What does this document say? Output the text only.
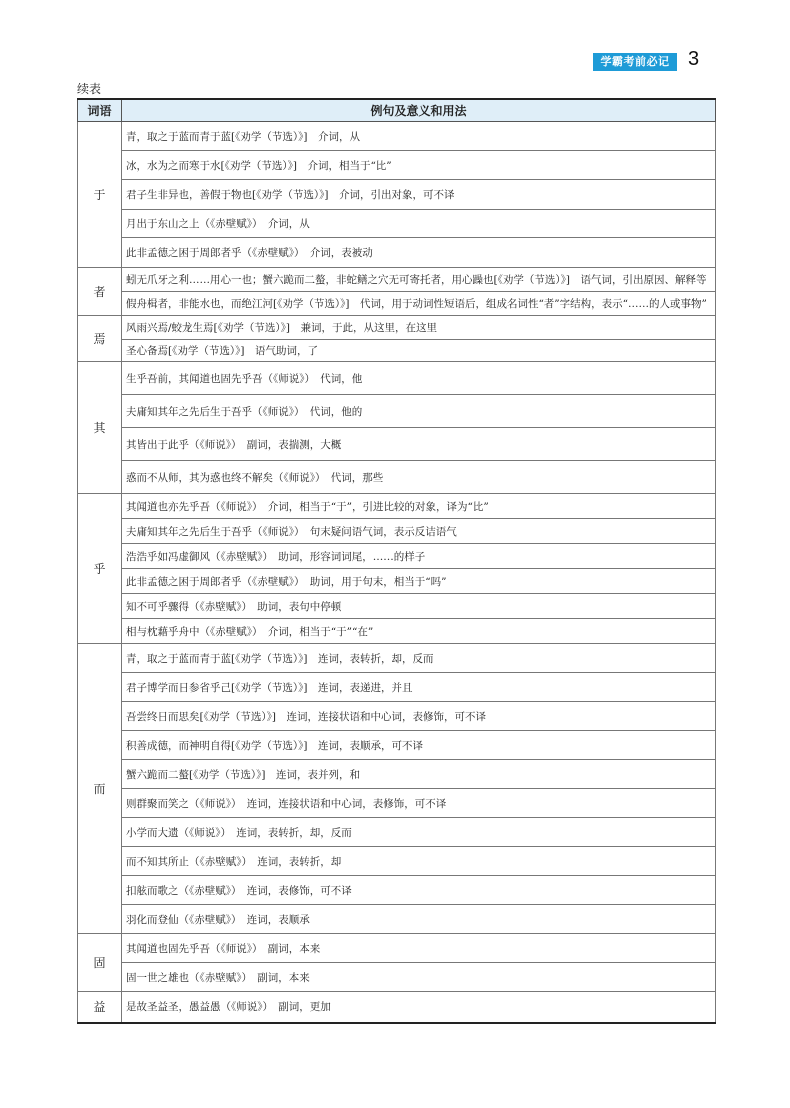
学霸考前必记 3
续表
词语	例句及意义和用法
于	青，取之于蓝而青于蓝[《劝学（节选）》]　介词，从
	冰，水为之而寒于水[《劝学（节选）》]　介词，相当于“比”
	君子生非异也，善假于物也[《劝学（节选）》]　介词，引出对象，可不译
	月出于东山之上（《赤壁赋》）　介词，从
	此非孟德之困于周郎者乎（《赤壁赋》）　介词，表被动
者	蚓无爪牙之利……用心一也；蟹六跪而二螯，非蛇鳝之穴无可寄托者，用心躁也[《劝学（节选）》]　语气词，引出原因、解释等
	假舟楫者，非能水也，而绝江河[《劝学（节选）》]　代词，用于动词性短语后，组成名词性“者”字结构，表示“……的人或事物”
焉	风雨兴焉/蛟龙生焉[《劝学（节选）》]　兼词，于此，从这里，在这里
	圣心备焉[《劝学（节选）》]　语气助词，了
其	生乎吾前，其闻道也固先乎吾（《师说》）　代词，他
	夫庸知其年之先后生于吾乎（《师说》）　代词，他的
	其皆出于此乎（《师说》）　副词，表揣测，大概
	惑而不从师，其为惑也终不解矣（《师说》）　代词，那些
乎	其闻道也亦先乎吾（《师说》）　介词，相当于“于”，引进比较的对象，译为“比”
	夫庸知其年之先后生于吾乎（《师说》）　句末疑问语气词，表示反诘语气
	浩浩乎如冯虚御风（《赤壁赋》）　助词，形容词词尾，……的样子
	此非孟德之困于周郎者乎（《赤壁赋》）　助词，用于句末，相当于“吗”
	知不可乎骤得（《赤壁赋》）　助词，表句中停顿
	相与枕藉乎舟中（《赤壁赋》）　介词，相当于“于”“在”
而	青，取之于蓝而青于蓝[《劝学（节选）》]　连词，表转折，却，反而
	君子博学而日参省乎己[《劝学（节选）》]　连词，表递进，并且
	吾尝终日而思矣[《劝学（节选）》]　连词，连接状语和中心词，表修饰，可不译
	积善成德，而神明自得[《劝学（节选）》]　连词，表顺承，可不译
	蟹六跪而二螯[《劝学（节选）》]　连词，表并列，和
	则群聚而笑之（《师说》）　连词，连接状语和中心词，表修饰，可不译
	小学而大遗（《师说》）　连词，表转折，却，反而
	而不知其所止（《赤壁赋》）　连词，表转折，却
	扣舷而歌之（《赤壁赋》）　连词，表修饰，可不译
	羽化而登仙（《赤壁赋》）　连词，表顺承
固	其闻道也固先乎吾（《师说》）　副词，本来
	固一世之雄也（《赤壁赋》）　副词，本来
益	是故圣益圣，愚益愚（《师说》）　副词，更加
